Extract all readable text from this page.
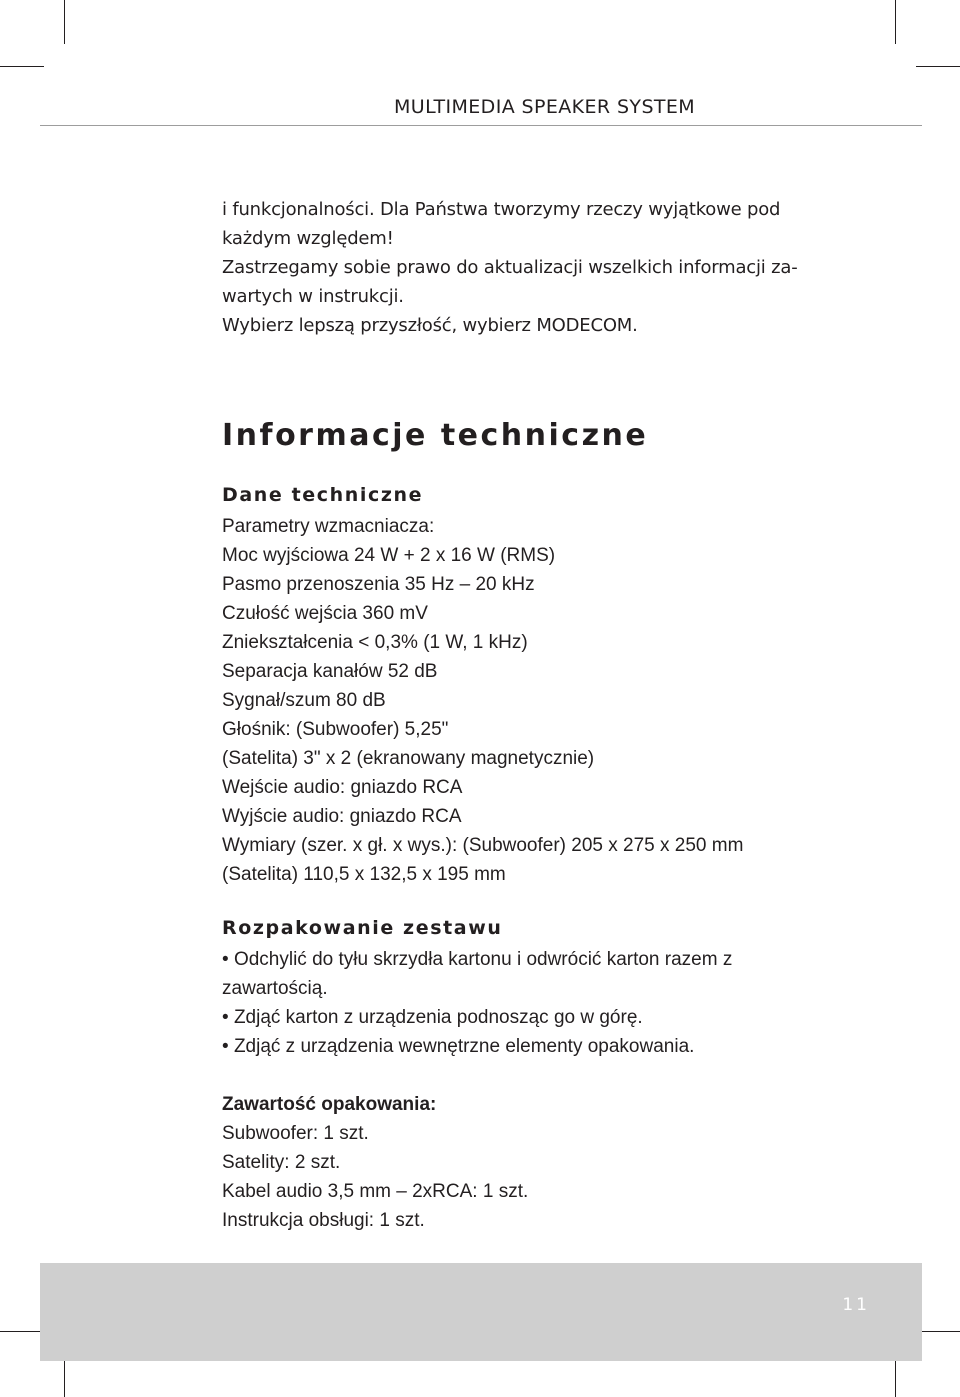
MULTIMEDIA SPEAKER SYSTEM
i funkcjonalności. Dla Państwa tworzymy rzeczy wyjątkowe pod
każdym względem!
Zastrzegamy sobie prawo do aktualizacji wszelkich informacji za-
wartych w instrukcji.
Wybierz lepszą przyszłość, wybierz MODECOM.
Informacje techniczne
Dane techniczne
Parametry wzmacniacza:
Moc wyjściowa 24 W + 2 x 16 W (RMS)
Pasmo przenoszenia 35 Hz – 20 kHz
Czułość wejścia 360 mV
Zniekształcenia < 0,3% (1 W, 1 kHz)
Separacja kanałów 52 dB
Sygnał/szum 80 dB
Głośnik: (Subwoofer) 5,25"
(Satelita) 3" x 2 (ekranowany magnetycznie)
Wejście audio: gniazdo RCA
Wyjście audio: gniazdo RCA
Wymiary (szer. x gł. x wys.): (Subwoofer) 205 x 275 x 250 mm
(Satelita) 110,5 x 132,5 x 195 mm
Rozpakowanie zestawu
• Odchylić do tyłu skrzydła kartonu i odwrócić karton razem z
zawartością.
• Zdjąć karton z urządzenia podnosząc go w górę.
• Zdjąć z urządzenia wewnętrzne elementy opakowania.
Zawartość opakowania:
Subwoofer: 1 szt.
Satelity: 2 szt.
Kabel audio 3,5 mm – 2xRCA: 1 szt.
Instrukcja obsługi: 1 szt.
11
